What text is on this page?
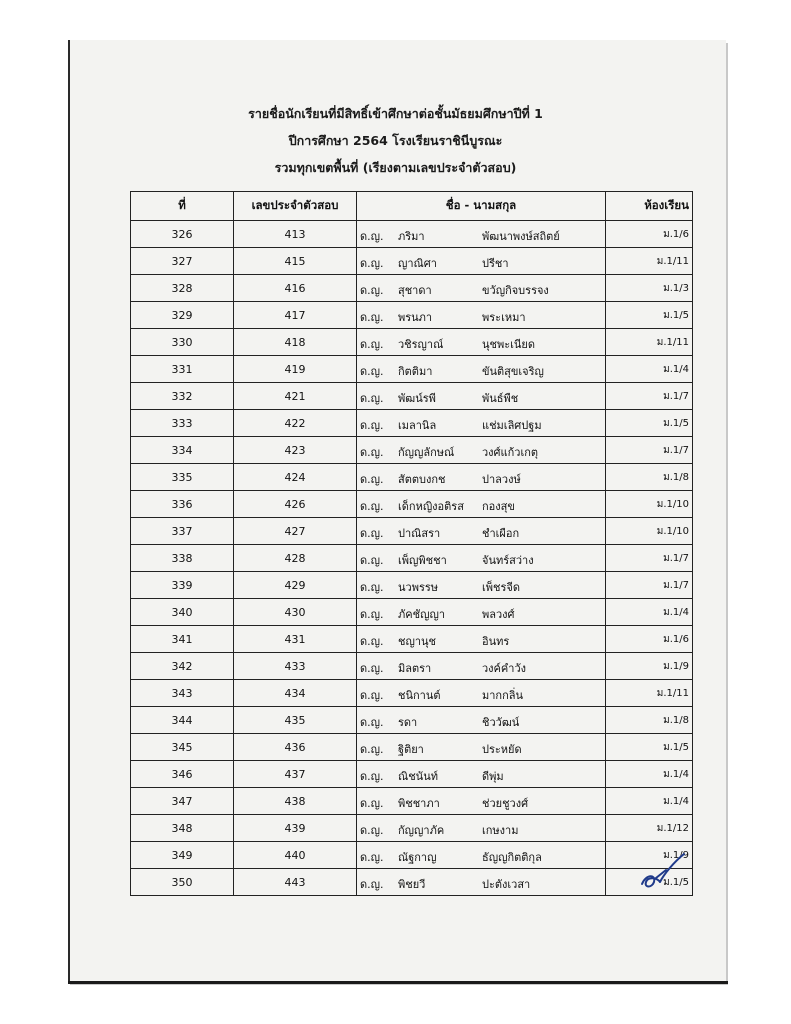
รายชื่อนักเรียนที่มีสิทธิ์เข้าศึกษาต่อชั้นมัธยมศึกษาปีที่ 1
ปีการศึกษา 2564 โรงเรียนราชินีบูรณะ
รวมทุกเขตพื้นที่ (เรียงตามเลขประจำตัวสอบ)
ที่	เลขประจำตัวสอบ	ชื่อ - นามสกุล	ห้องเรียน
326	413	ด.ญ. ภริมา พัฒนาพงษ์สถิตย์	ม.1/6
327	415	ด.ญ. ญาณิศา ปรีชา	ม.1/11
328	416	ด.ญ. สุชาดา ขวัญกิจบรรจง	ม.1/3
329	417	ด.ญ. พรนภา พระเหมา	ม.1/5
330	418	ด.ญ. วชิรญาณ์ นุชพะเนียด	ม.1/11
331	419	ด.ญ. กิตติมา ขันติสุขเจริญ	ม.1/4
332	421	ด.ญ. พัฒน์รพี พันธ์พืช	ม.1/7
333	422	ด.ญ. เมลานิล แช่มเลิศปฐม	ม.1/5
334	423	ด.ญ. กัญญลักษณ์ วงศ์แก้วเกตุ	ม.1/7
335	424	ด.ญ. สัตตบงกช ปาลวงษ์	ม.1/8
336	426	ด.ญ. เด็กหญิงอติรส กองสุข	ม.1/10
337	427	ด.ญ. ปาณิสรา ชำเผือก	ม.1/10
338	428	ด.ญ. เพ็ญพิชชา จันทร์สว่าง	ม.1/7
339	429	ด.ญ. นวพรรษ เพ็ชรจีด	ม.1/7
340	430	ด.ญ. ภัคชัญญา พลวงศ์	ม.1/4
341	431	ด.ญ. ชญานุช อินทร	ม.1/6
342	433	ด.ญ. มิลตรา วงค์คำวัง	ม.1/9
343	434	ด.ญ. ชนิกานต์ มากกลิ่น	ม.1/11
344	435	ด.ญ. รดา ชิววัฒน์	ม.1/8
345	436	ด.ญ. ฐิติยา ประหยัด	ม.1/5
346	437	ด.ญ. ณิชนันท์ ดีพุ่ม	ม.1/4
347	438	ด.ญ. พิชชาภา ช่วยชูวงศ์	ม.1/4
348	439	ด.ญ. กัญญาภัค เกษงาม	ม.1/12
349	440	ด.ญ. ณัฐกาญ ธัญญกิตติกุล	ม.1/9
350	443	ด.ญ. พิชยวี ปะตังเวสา	ม.1/5
